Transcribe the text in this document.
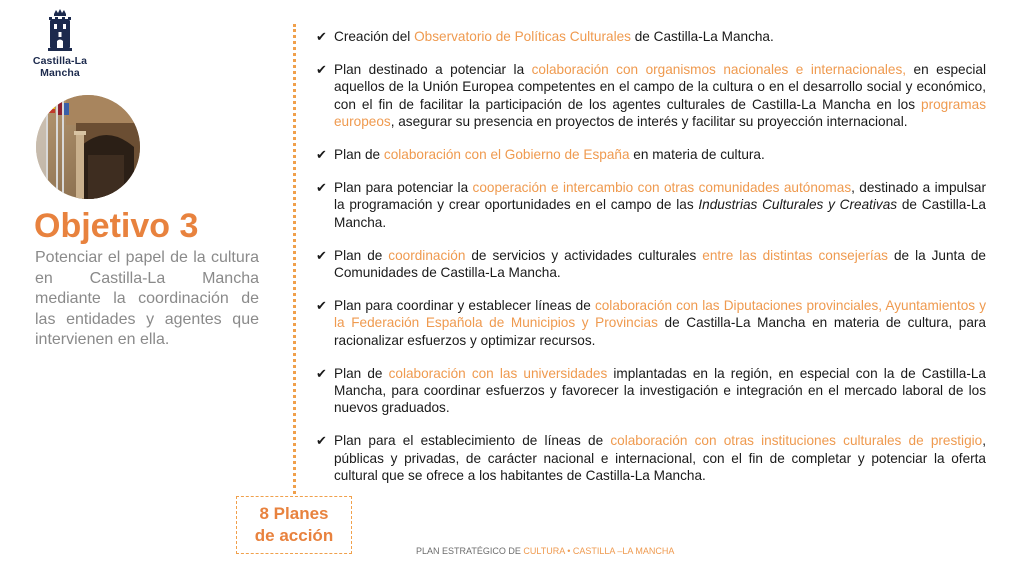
Castilla-La Mancha
Objetivo 3

Potenciar el papel de la cultura en Castilla-La Mancha mediante la coordinación de las entidades y agentes que intervienen en ella.

8 Planes
de acción
✔ Creación del Observatorio de Políticas Culturales de Castilla-La Mancha.
✔ Plan destinado a potenciar la colaboración con organismos nacionales e internacionales, en especial aquellos de la Unión Europea competentes en el campo de la cultura o en el desarrollo social y económico, con el fin de facilitar la participación de los agentes culturales de Castilla-La Mancha en los programas europeos, asegurar su presencia en proyectos de interés y facilitar su proyección internacional.
✔ Plan de colaboración con el Gobierno de España en materia de cultura.
✔ Plan para potenciar la cooperación e intercambio con otras comunidades autónomas, destinado a impulsar la programación y crear oportunidades en el campo de las Industrias Culturales y Creativas de Castilla-La Mancha.
✔ Plan de coordinación de servicios y actividades culturales entre las distintas consejerías de la Junta de Comunidades de Castilla-La Mancha.
✔ Plan para coordinar y establecer líneas de colaboración con las Diputaciones provinciales, Ayuntamientos y la Federación Española de Municipios y Provincias de Castilla-La Mancha en materia de cultura, para racionalizar esfuerzos y optimizar recursos.
✔ Plan de colaboración con las universidades implantadas en la región, en especial con la de Castilla-La Mancha, para coordinar esfuerzos y favorecer la investigación e integración en el mercado laboral de los nuevos graduados.
✔ Plan para el establecimiento de líneas de colaboración con otras instituciones culturales de prestigio, públicas y privadas, de carácter nacional e internacional, con el fin de completar y potenciar la oferta cultural que se ofrece a los habitantes de Castilla-La Mancha.
PLAN ESTRATÉGICO DE CULTURA • CASTILLA –LA MANCHA
